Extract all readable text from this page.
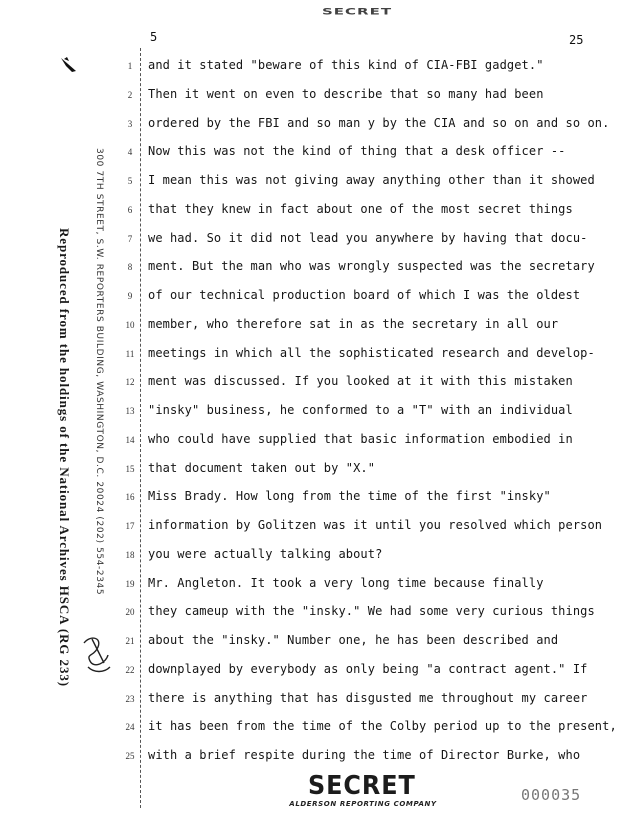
SECRET
5	25
Reproduced from the holdings of the National Archives HSCA (RG 233) 300 7TH STREET, S.W. REPORTERS BUILDING, WASHINGTON, D.C. 20024 (202) 554-2345
1	and it stated "beware of this kind of CIA-FBI gadget."
2	Then it went on even to describe that so many had been
3	ordered by the FBI and so man y by the CIA and so on and so on.
4	Now this was not the kind of thing that a desk officer --
5	I mean this was not giving away anything other than it showed
6	that they knew in fact about one of the most secret things
7	we had. So it did not lead you anywhere by having that docu-
8	ment. But the man who was wrongly suspected was the secretary
9	of our technical production board of which I was the oldest
10 member, who therefore sat in as the secretary in all our
11	meetings in which all the sophisticated research and develop-
12 ment was discussed. If you looked at it with this mistaken
13 "insky" business, he conformed to a "T" with an individual
14 who could have supplied that basic information embodied in
15 that document taken out by "X."
16 Miss Brady. How long from the time of the first "insky"
17 information by Golitzen was it until you resolved which person
18 you were actually talking about?
19 Mr. Angleton. It took a very long time because finally
20 they cameup with the "insky." We had some very curious things
21 about the "insky." Number one, he has been described and
22 downplayed by everybody as only being "a contract agent." If
23 there is anything that has disgusted me throughout my career
24 it has been from the time of the Colby period up to the present,
25 with a brief respite during the time of Director Burke, who
SECRET
ALDERSON REPORTING COMPANY	000035
